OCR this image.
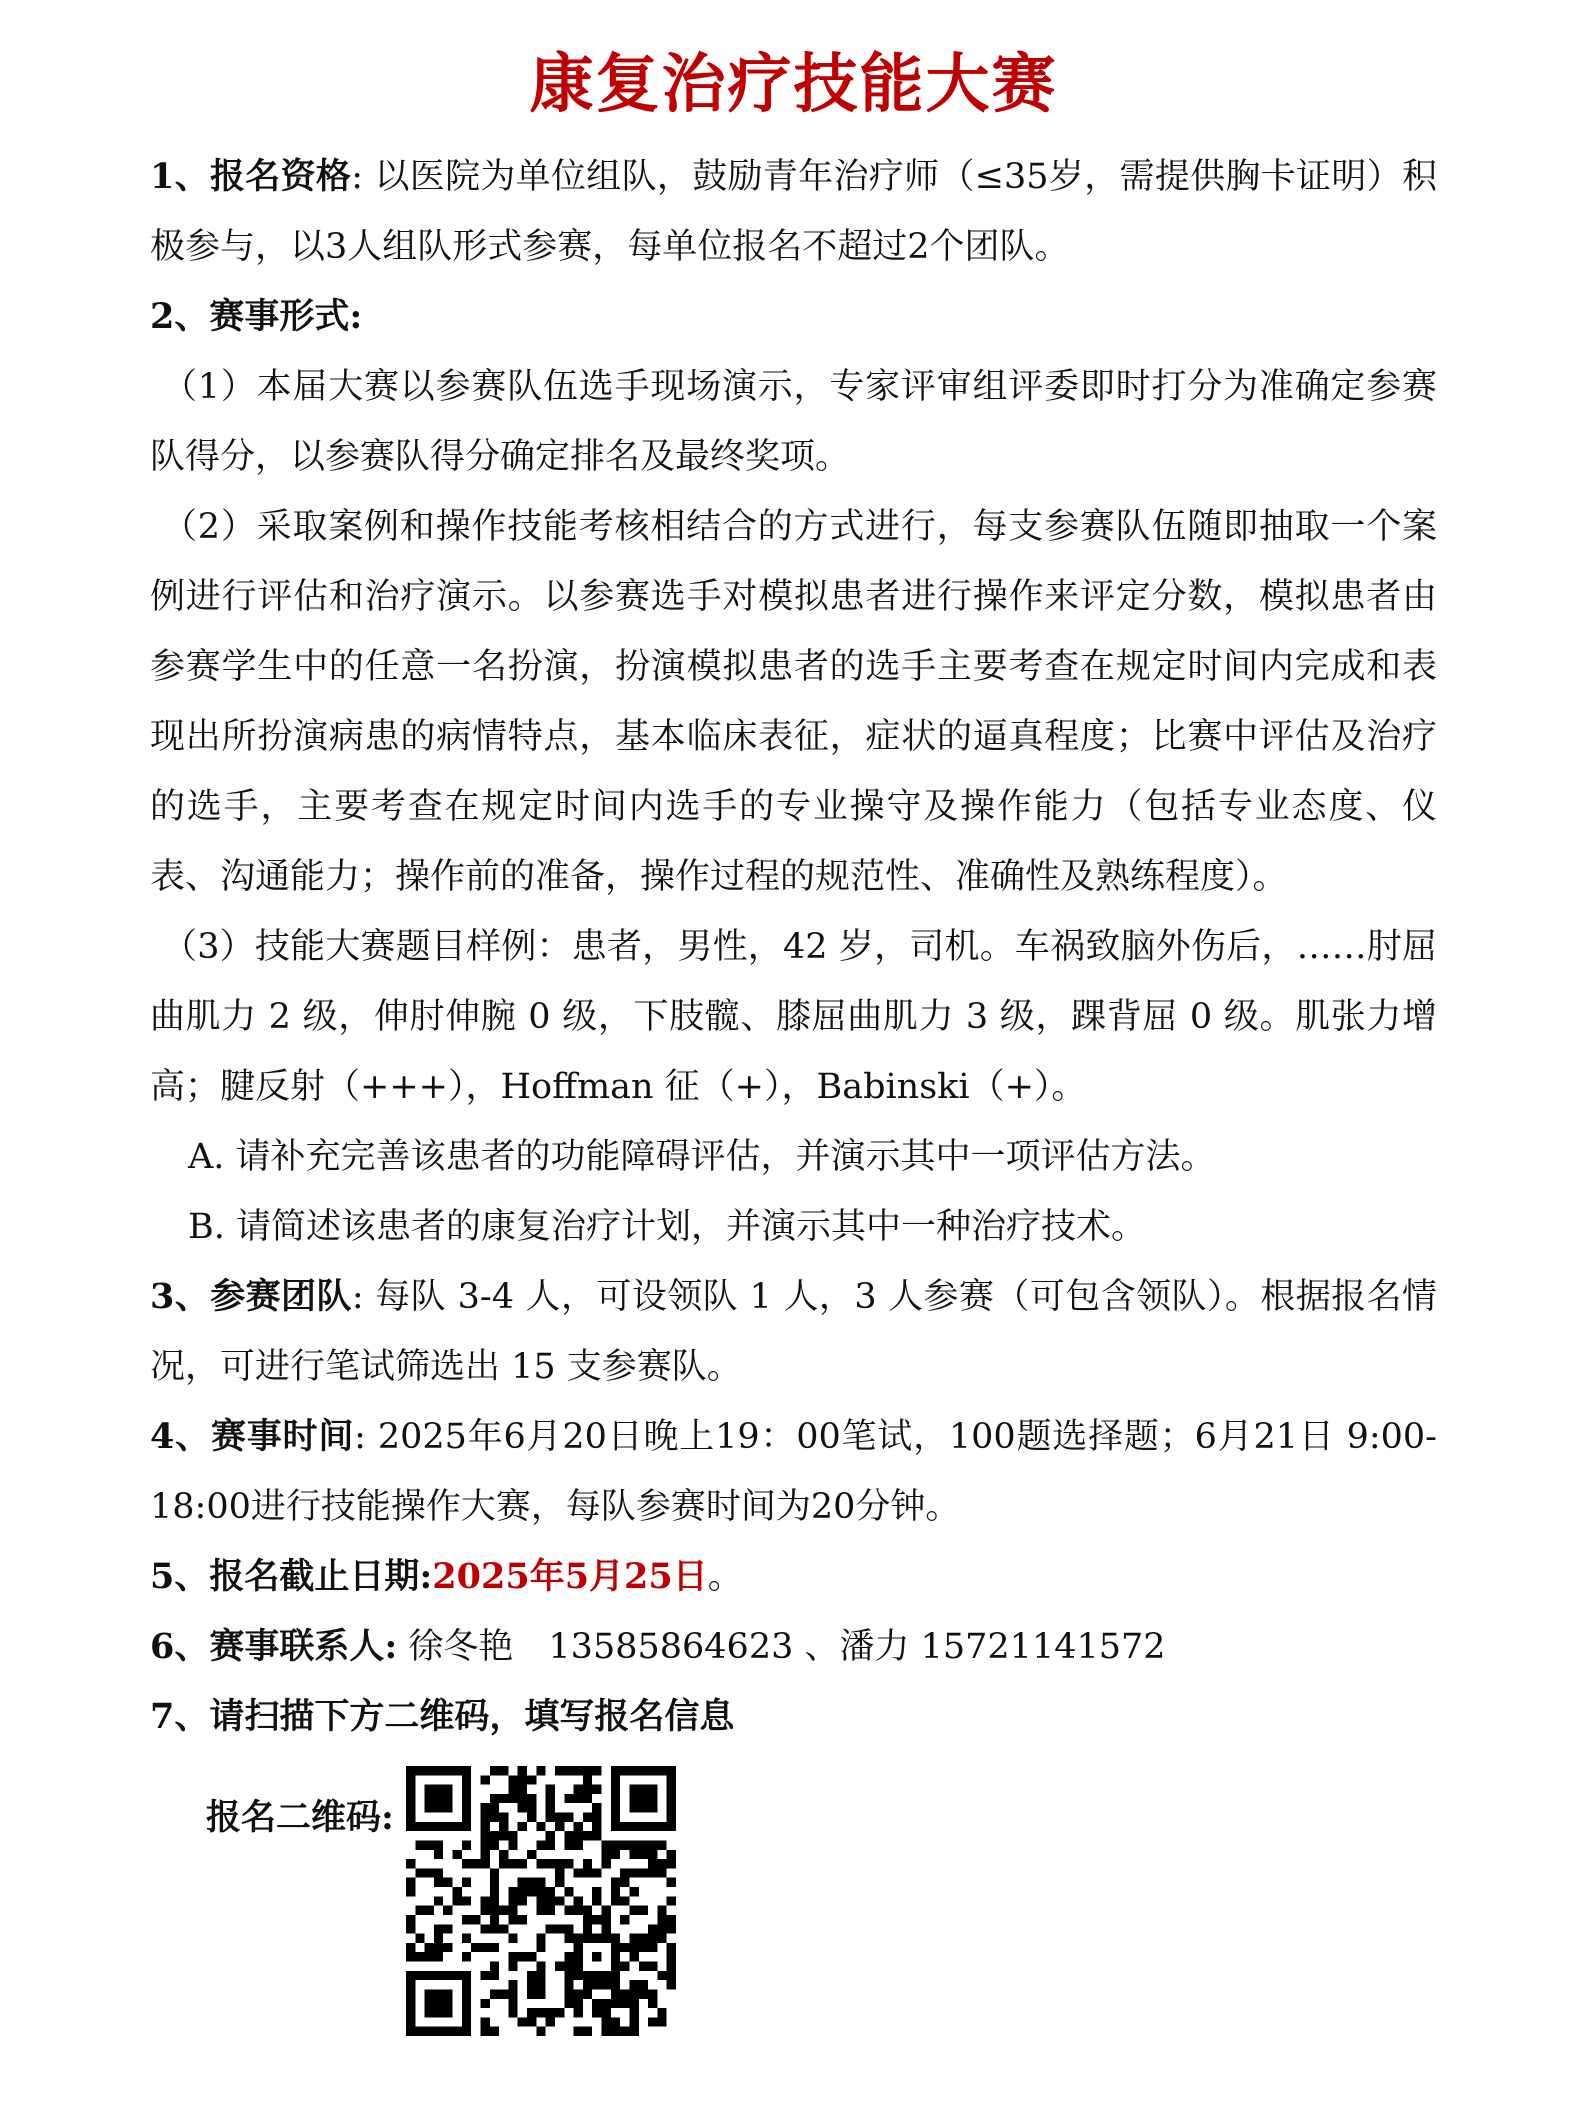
康复治疗技能大赛

1、报名资格: 以医院为单位组队，鼓励青年治疗师（≤35岁，需提供胸卡证明）积极参与，以3人组队形式参赛，每单位报名不超过2个团队。

2、赛事形式:

（1）本届大赛以参赛队伍选手现场演示，专家评审组评委即时打分为准确定参赛队得分，以参赛队得分确定排名及最终奖项。

（2）采取案例和操作技能考核相结合的方式进行，每支参赛队伍随即抽取一个案例进行评估和治疗演示。以参赛选手对模拟患者进行操作来评定分数，模拟患者由参赛学生中的任意一名扮演，扮演模拟患者的选手主要考查在规定时间内完成和表现出所扮演病患的病情特点，基本临床表征，症状的逼真程度；比赛中评估及治疗的选手，主要考查在规定时间内选手的专业操守及操作能力（包括专业态度、仪表、沟通能力；操作前的准备，操作过程的规范性、准确性及熟练程度）。

（3）技能大赛题目样例：患者，男性，42 岁，司机。车祸致脑外伤后，……肘屈曲肌力 2 级，伸肘伸腕 0 级，下肢髋、膝屈曲肌力 3 级，踝背屈 0 级。肌张力增高；腱反射（+++），Hoffman 征（+），Babinski（+）。

A. 请补充完善该患者的功能障碍评估，并演示其中一项评估方法。

B. 请简述该患者的康复治疗计划，并演示其中一种治疗技术。

3、参赛团队: 每队 3-4 人，可设领队 1 人，3 人参赛（可包含领队）。根据报名情况，可进行笔试筛选出 15 支参赛队。

4、赛事时间: 2025年6月20日晚上19：00笔试，100题选择题；6月21日 9:00-18:00进行技能操作大赛，每队参赛时间为20分钟。

5、报名截止日期:2025年5月25日。

6、赛事联系人: 徐冬艳　13585864623 、潘力 15721141572

7、请扫描下方二维码，填写报名信息

报名二维码:
